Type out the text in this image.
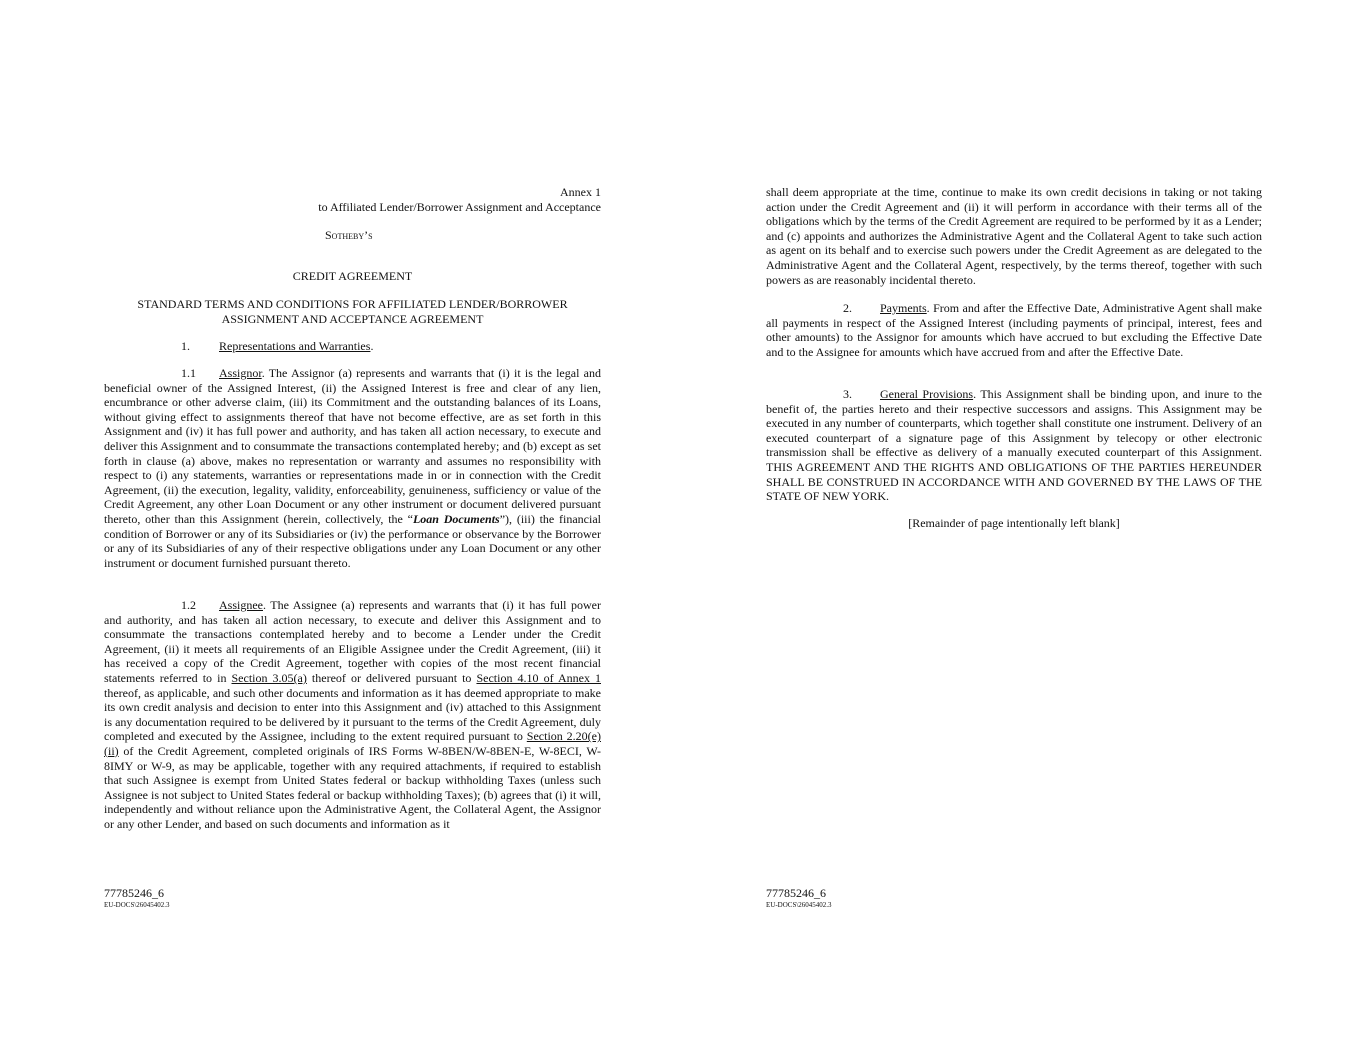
Annex 1
to Affiliated Lender/Borrower Assignment and Acceptance
Sotheby’s
CREDIT AGREEMENT
STANDARD TERMS AND CONDITIONS FOR AFFILIATED LENDER/BORROWER
ASSIGNMENT AND ACCEPTANCE AGREEMENT
1. Representations and Warranties.
1.1 Assignor. The Assignor (a) represents and warrants that (i) it is the legal and beneficial owner of the Assigned Interest, (ii) the Assigned Interest is free and clear of any lien, encumbrance or other adverse claim, (iii) its Commitment and the outstanding balances of its Loans, without giving effect to assignments thereof that have not become effective, are as set forth in this Assignment and (iv) it has full power and authority, and has taken all action necessary, to execute and deliver this Assignment and to consummate the transactions contemplated hereby; and (b) except as set forth in clause (a) above, makes no representation or warranty and assumes no responsibility with respect to (i) any statements, warranties or representations made in or in connection with the Credit Agreement, (ii) the execution, legality, validity, enforceability, genuineness, sufficiency or value of the Credit Agreement, any other Loan Document or any other instrument or document delivered pursuant thereto, other than this Assignment (herein, collectively, the “Loan Documents”), (iii) the financial condition of Borrower or any of its Subsidiaries or (iv) the performance or observance by the Borrower or any of its Subsidiaries of any of their respective obligations under any Loan Document or any other instrument or document furnished pursuant thereto.
1.2 Assignee. The Assignee (a) represents and warrants that (i) it has full power and authority, and has taken all action necessary, to execute and deliver this Assignment and to consummate the transactions contemplated hereby and to become a Lender under the Credit Agreement, (ii) it meets all requirements of an Eligible Assignee under the Credit Agreement, (iii) it has received a copy of the Credit Agreement, together with copies of the most recent financial statements referred to in Section 3.05(a) thereof or delivered pursuant to Section 4.10 of Annex 1 thereof, as applicable, and such other documents and information as it has deemed appropriate to make its own credit analysis and decision to enter into this Assignment and (iv) attached to this Assignment is any documentation required to be delivered by it pursuant to the terms of the Credit Agreement, duly completed and executed by the Assignee, including to the extent required pursuant to Section 2.20(e)(ii) of the Credit Agreement, completed originals of IRS Forms W-8BEN/W-8BEN-E, W-8ECI, W-8IMY or W-9, as may be applicable, together with any required attachments, if required to establish that such Assignee is exempt from United States federal or backup withholding Taxes (unless such Assignee is not subject to United States federal or backup withholding Taxes); (b) agrees that (i) it will, independently and without reliance upon the Administrative Agent, the Collateral Agent, the Assignor or any other Lender, and based on such documents and information as it
77785246_6
EU-DOCS\26045402.3
shall deem appropriate at the time, continue to make its own credit decisions in taking or not taking action under the Credit Agreement and (ii) it will perform in accordance with their terms all of the obligations which by the terms of the Credit Agreement are required to be performed by it as a Lender; and (c) appoints and authorizes the Administrative Agent and the Collateral Agent to take such action as agent on its behalf and to exercise such powers under the Credit Agreement as are delegated to the Administrative Agent and the Collateral Agent, respectively, by the terms thereof, together with such powers as are reasonably incidental thereto.
2. Payments. From and after the Effective Date, Administrative Agent shall make all payments in respect of the Assigned Interest (including payments of principal, interest, fees and other amounts) to the Assignor for amounts which have accrued to but excluding the Effective Date and to the Assignee for amounts which have accrued from and after the Effective Date.
3. General Provisions. This Assignment shall be binding upon, and inure to the benefit of, the parties hereto and their respective successors and assigns. This Assignment may be executed in any number of counterparts, which together shall constitute one instrument. Delivery of an executed counterpart of a signature page of this Assignment by telecopy or other electronic transmission shall be effective as delivery of a manually executed counterpart of this Assignment. THIS AGREEMENT AND THE RIGHTS AND OBLIGATIONS OF THE PARTIES HEREUNDER SHALL BE CONSTRUED IN ACCORDANCE WITH AND GOVERNED BY THE LAWS OF THE STATE OF NEW YORK.
[Remainder of page intentionally left blank]
77785246_6
EU-DOCS\26045402.3
